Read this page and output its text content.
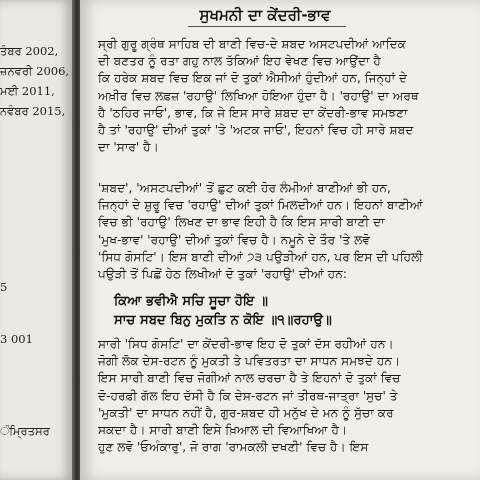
ਤੰਬਰ 2002,
ਜ਼ਨਵਰੀ 2006,
ਮਈ 2011,
ਨਵੰਬਰ 2015,
5
3 001
ੰਮ੍ਰਿਤਸਰ
ਸੁਖਮਨੀ ਦਾ ਕੇਂਦਰੀ-ਭਾਵ
ਸ੍ਰੀ ਗੁਰੂ ਗ੍ਰੰਥ ਸਾਹਿਬ ਦੀ ਬਾਣੀ ਵਿਚ-ਦੇ ਸ਼ਬਦ ਅਸਟਪਦੀਆਂ ਆਦਿਕ
ਦੀ ਬਣਤਰ ਨੂੰ ਰਤਾ ਗਹੁ ਨਾਲ ਤੱਕਿਆਂ ਇਹ ਵੇਖਣ ਵਿਚ ਆਉਂਦਾ ਹੈ
ਕਿ ਹਰੇਕ ਸ਼ਬਦ ਵਿਚ ਇਕ ਜਾਂ ਦੋ ਤੁਕਾਂ ਐਸੀਆਂ ਹੁੰਦੀਆਂ ਹਨ, ਜਿਨ੍ਹਾਂ ਦੇ
ਅਖ਼ੀਰ ਵਿਚ ਲਫ਼ਜ਼ 'ਰਹਾਉ' ਲਿਖਿਆ ਹੋਇਆ ਹੁੰਦਾ ਹੈ। 'ਰਹਾਉ' ਦਾ ਅਰਥ
ਹੈ 'ਠਹਿਰ ਜਾਓ', ਭਾਵ, ਕਿ ਜੇ ਇਸ ਸਾਰੇ ਸ਼ਬਦ ਦਾ ਕੇਂਦਰੀ-ਭਾਵ ਸਮਝਣਾ
ਹੈ ਤਾਂ 'ਰਹਾਉ' ਦੀਆਂ ਤੁਕਾਂ 'ਤੇ 'ਅਟਕ ਜਾਓ', ਇਹਨਾਂ ਵਿਚ ਹੀ ਸਾਰੇ ਸ਼ਬਦ
ਦਾ 'ਸਾਰ' ਹੈ।
'ਸ਼ਬਦ', 'ਅਸਟਪਦੀਆਂ' ਤੋਂ ਛੁਟ ਕਈ ਹੋਰ ਲੰਮੀਆਂ ਬਾਣੀਆਂ ਭੀ ਹਨ,
ਜਿਨ੍ਹਾਂ ਦੇ ਸ਼ੁਰੂ ਵਿਚ 'ਰਹਾਉ' ਦੀਆਂ ਤੁਕਾਂ ਮਿਲਦੀਆਂ ਹਨ। ਇਹਨਾਂ ਬਾਣੀਆਂ
ਵਿਚ ਭੀ 'ਰਹਾਉ' ਲਿਖਣ ਦਾ ਭਾਵ ਇਹੀ ਹੈ ਕਿ ਇਸ ਸਾਰੀ ਬਾਣੀ ਦਾ
'ਮੁਖ-ਭਾਵ' 'ਰਹਾਉ' ਦੀਆਂ ਤੁਕਾਂ ਵਿਚ ਹੈ। ਨਮੂਨੇ ਦੇ ਤੌਰ 'ਤੇ ਲਵੋ
'ਸਿਧ ਗੋਸਟਿ'। ਇਸ ਬਾਣੀ ਦੀਆਂ ੭੩ ਪਉੜੀਆਂ ਹਨ, ਪਰ ਇਸ ਦੀ ਪਹਿਲੀ
ਪਉੜੀ ਤੋਂ ਪਿਛੋਂ ਹੇਠ ਲਿਖੀਆਂ ਦੋ ਤੁਕਾਂ 'ਰਹਾਉ' ਦੀਆਂ ਹਨ:
ਕਿਆ ਭਵੀਐ ਸਚਿ ਸੂਚਾ ਹੋਇ ॥
ਸਾਚ ਸਬਦ ਬਿਨੁ ਮੁਕਤਿ ਨ ਕੋਇ ॥੧॥ਰਹਾਉ॥
ਸਾਰੀ 'ਸਿਧ ਗੋਸਟਿ' ਦਾ ਕੇਂਦਰੀ-ਭਾਵ ਇਹ ਦੋ ਤੁਕਾਂ ਦੱਸ ਰਹੀਆਂ ਹਨ।
ਜੋਗੀ ਲੋਕ ਦੇਸ-ਰਟਨ ਨੂੰ ਮੁਕਤੀ ਤੇ ਪਵਿਤਰਤਾ ਦਾ ਸਾਧਨ ਸਮਝਦੇ ਹਨ।
ਇਸ ਸਾਰੀ ਬਾਣੀ ਵਿਚ ਜੋਗੀਆਂ ਨਾਲ ਚਰਚਾ ਹੈ ਤੇ ਇਹਨਾਂ ਦੋ ਤੁਕਾਂ ਵਿਚ
ਦੋ-ਹਰਫ਼ੀ ਗੱਲ ਇਹ ਦੱਸੀ ਹੈ ਕਿ ਦੇਸ-ਰਟਨ ਜਾਂ ਤੀਰਥ-ਜਾਤ੍ਰਾ 'ਸੁਚ' ਤੇ
'ਮੁਕਤੀ' ਦਾ ਸਾਧਨ ਨਹੀਂ ਹੈ, ਗੁਰ-ਸ਼ਬਦ ਹੀ ਮਨੁੱਖ ਦੇ ਮਨ ਨੂੰ ਸੁੱਚਾ ਕਰ
ਸਕਦਾ ਹੈ। ਸਾਰੀ ਬਾਣੀ ਇਸੇ ਖ਼ਿਆਲ ਦੀ ਵਿਆਖਿਆ ਹੈ।
ਹੁਣ ਲਵੋ 'ਓਅੰਕਾਰੁ', ਜੋ ਰਾਗ 'ਰਾਮਕਲੀ ਦਖਣੀ' ਵਿਚ ਹੈ। ਇਸ
